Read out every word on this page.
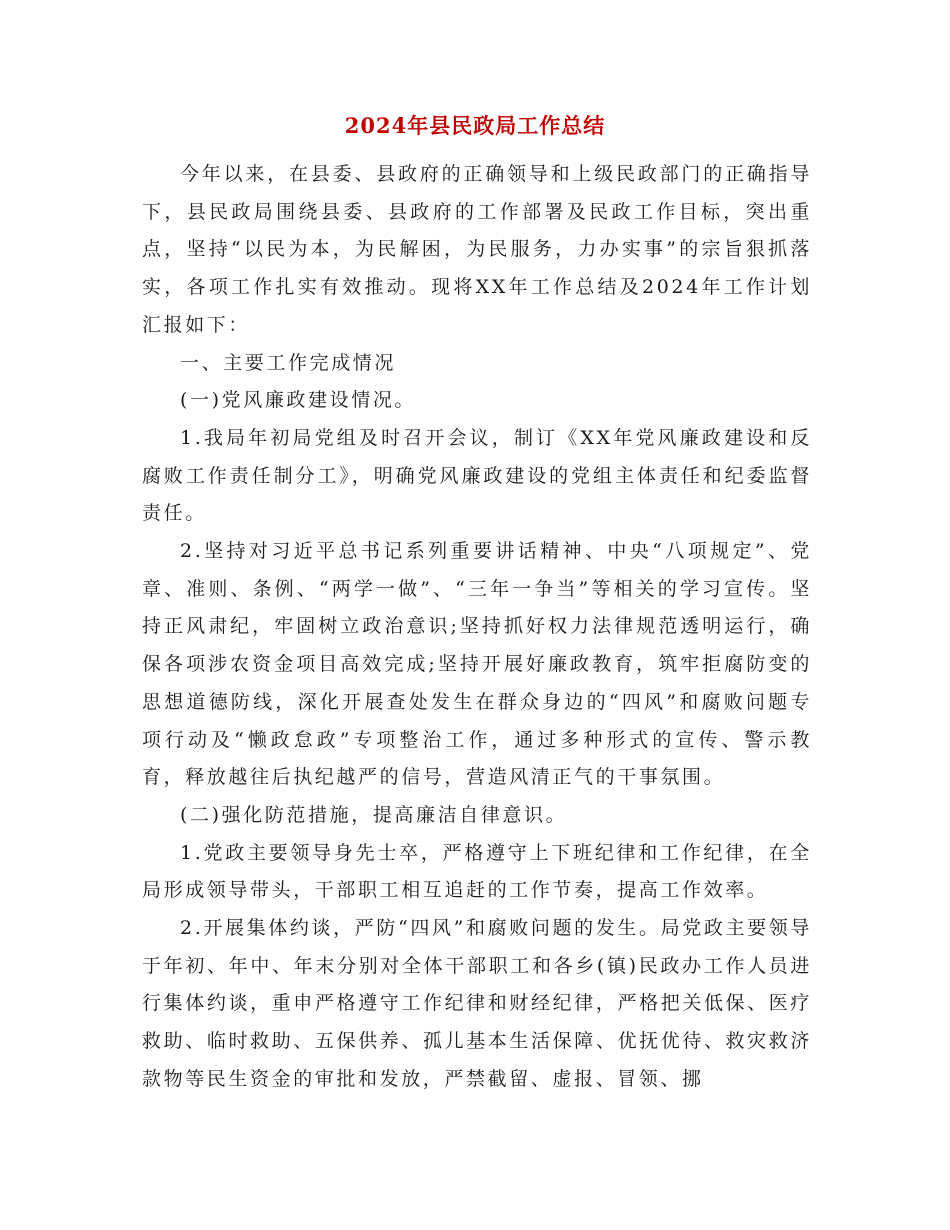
2024年县民政局工作总结

今年以来，在县委、县政府的正确领导和上级民政部门的正确指导下，县民政局围绕县委、县政府的工作部署及民政工作目标，突出重点，坚持“以民为本，为民解困，为民服务，力办实事”的宗旨狠抓落实，各项工作扎实有效推动。现将XX年工作总结及2024年工作计划汇报如下：

一、主要工作完成情况

(一)党风廉政建设情况。

1.我局年初局党组及时召开会议，制订《XX年党风廉政建设和反腐败工作责任制分工》，明确党风廉政建设的党组主体责任和纪委监督责任。

2.坚持对习近平总书记系列重要讲话精神、中央“八项规定”、党章、准则、条例、“两学一做”、“三年一争当”等相关的学习宣传。坚持正风肃纪，牢固树立政治意识;坚持抓好权力法律规范透明运行，确保各项涉农资金项目高效完成;坚持开展好廉政教育，筑牢拒腐防变的思想道德防线，深化开展查处发生在群众身边的“四风”和腐败问题专项行动及“懒政怠政”专项整治工作，通过多种形式的宣传、警示教育，释放越往后执纪越严的信号，营造风清正气的干事氛围。

(二)强化防范措施，提高廉洁自律意识。

1.党政主要领导身先士卒，严格遵守上下班纪律和工作纪律，在全局形成领导带头，干部职工相互追赶的工作节奏，提高工作效率。

2.开展集体约谈，严防“四风”和腐败问题的发生。局党政主要领导于年初、年中、年末分别对全体干部职工和各乡(镇)民政办工作人员进行集体约谈，重申严格遵守工作纪律和财经纪律，严格把关低保、医疗救助、临时救助、五保供养、孤儿基本生活保障、优抚优待、救灾救济款物等民生资金的审批和发放，严禁截留、虚报、冒领、挪
